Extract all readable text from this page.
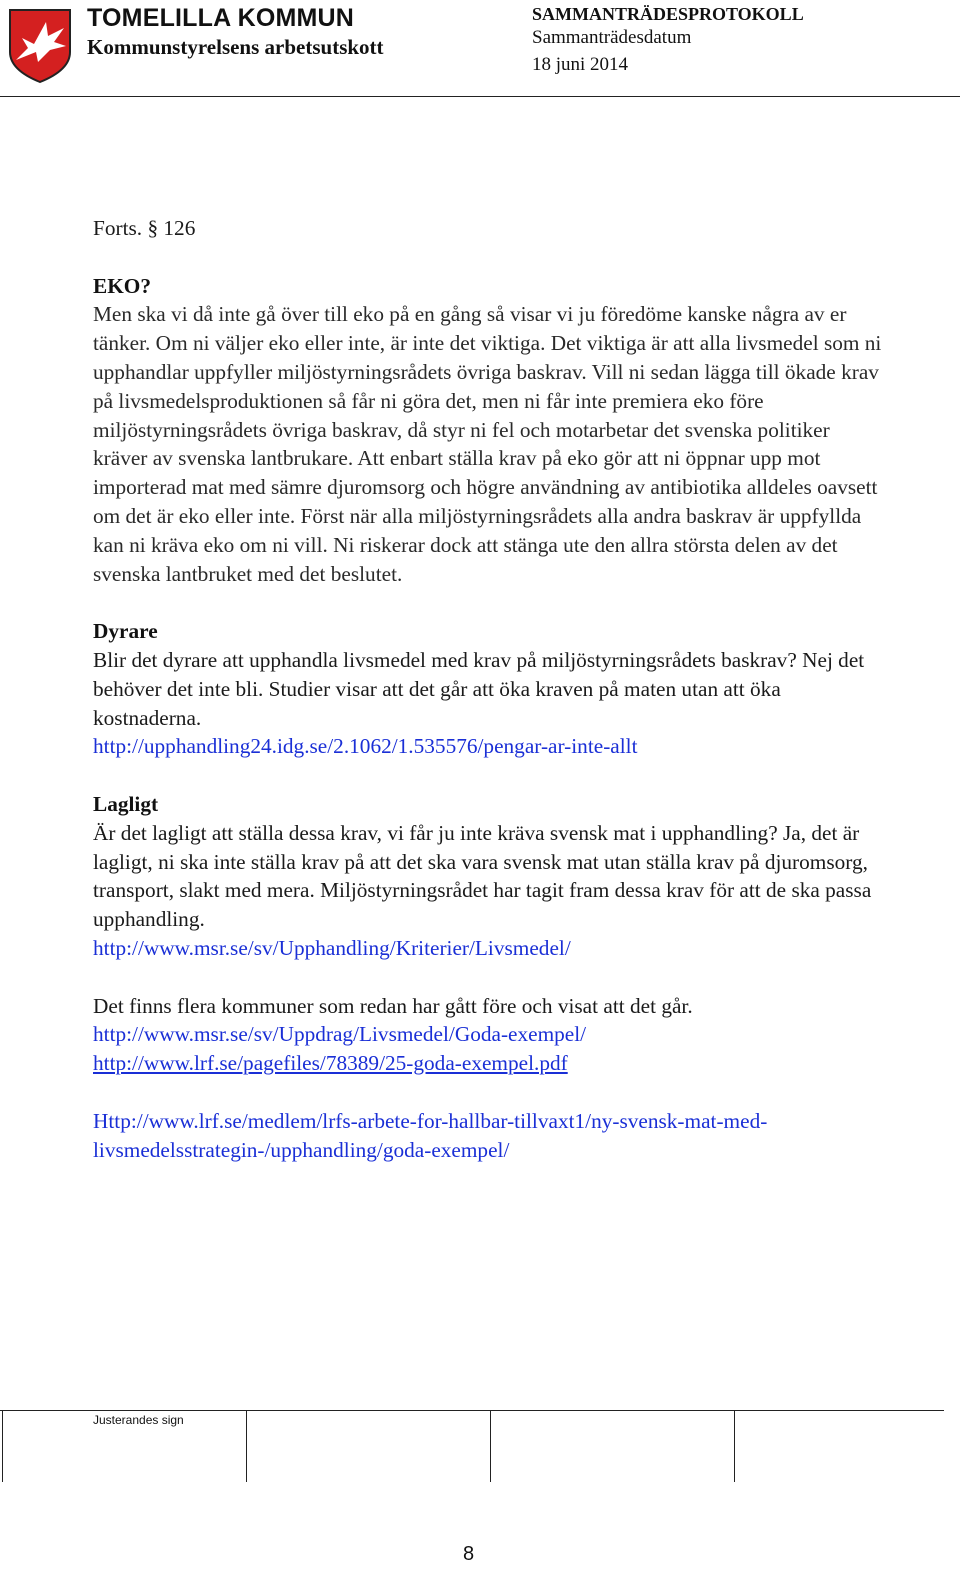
TOMELILLA KOMMUN
Kommunstyrelsens arbetsutskott
SAMMANTRÄDESPROTOKOLL
Sammanträdesdatum
18 juni 2014

Forts. § 126

EKO?

Men ska vi då inte gå över till eko på en gång så visar vi ju föredöme kanske några av er tänker. Om ni väljer eko eller inte, är inte det viktiga. Det viktiga är att alla livsmedel som ni upphandlar uppfyller miljöstyrningsrådets övriga baskrav. Vill ni sedan lägga till ökade krav på livsmedelsproduktionen så får ni göra det, men ni får inte premiera eko före miljöstyrningsrådets övriga baskrav, då styr ni fel och motarbetar det svenska politiker kräver av svenska lantbrukare. Att enbart ställa krav på eko gör att ni öppnar upp mot importerad mat med sämre djuromsorg och högre användning av antibiotika alldeles oavsett om det är eko eller inte. Först när alla miljöstyrningsrådets alla andra baskrav är uppfyllda kan ni kräva eko om ni vill. Ni riskerar dock att stänga ute den allra största delen av det svenska lantbruket med det beslutet.

Dyrare

Blir det dyrare att upphandla livsmedel med krav på miljöstyrningsrådets baskrav? Nej det behöver det inte bli. Studier visar att det går att öka kraven på maten utan att öka kostnaderna.

http://upphandling24.idg.se/2.1062/1.535576/pengar-ar-inte-allt

Lagligt

Är det lagligt att ställa dessa krav, vi får ju inte kräva svensk mat i upphandling? Ja, det är lagligt, ni ska inte ställa krav på att det ska vara svensk mat utan ställa krav på djuromsorg, transport, slakt med mera. Miljöstyrningsrådet har tagit fram dessa krav för att de ska passa upphandling.

http://www.msr.se/sv/Upphandling/Kriterier/Livsmedel/

Det finns flera kommuner som redan har gått före och visat att det går.

http://www.msr.se/sv/Uppdrag/Livsmedel/Goda-exempel/

http://www.lrf.se/pagefiles/78389/25-goda-exempel.pdf

Http://www.lrf.se/medlem/lrfs-arbete-for-hallbar-tillvaxt1/ny-svensk-mat-med-livsmedelsstrategin-/upphandling/goda-exempel/

Justerandes sign
8
